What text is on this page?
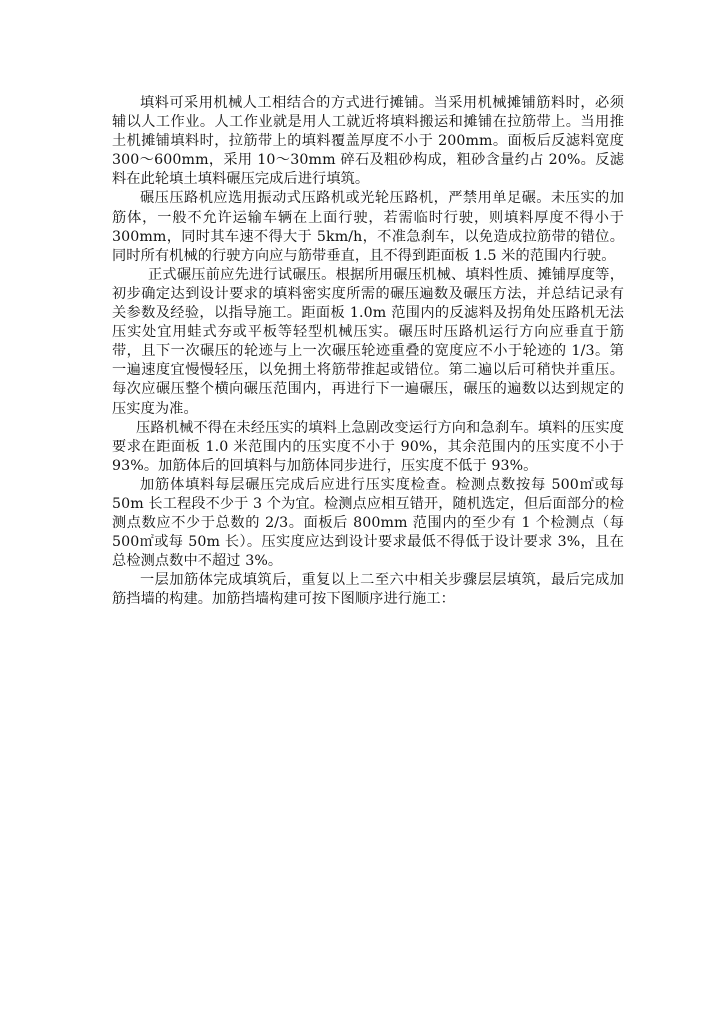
填料可采用机械人工相结合的方式进行摊铺。当采用机械摊铺筋料时，必须辅以人工作业。人工作业就是用人工就近将填料搬运和摊铺在拉筋带上。当用推土机摊铺填料时，拉筋带上的填料覆盖厚度不小于 200mm。面板后反滤料宽度 300～600mm，采用 10～30mm 碎石及粗砂构成，粗砂含量约占 20%。反滤料在此轮填土填料碾压完成后进行填筑。

碾压压路机应选用振动式压路机或光轮压路机，严禁用单足碾。未压实的加筋体，一般不允许运输车辆在上面行驶，若需临时行驶，则填料厚度不得小于 300mm，同时其车速不得大于 5km/h，不准急刹车，以免造成拉筋带的错位。同时所有机械的行驶方向应与筋带垂直，且不得到距面板 1.5 米的范围内行驶。

正式碾压前应先进行试碾压。根据所用碾压机械、填料性质、摊铺厚度等，初步确定达到设计要求的填料密实度所需的碾压遍数及碾压方法，并总结记录有关参数及经验，以指导施工。距面板 1.0m 范围内的反滤料及拐角处压路机无法压实处宜用蛙式夯或平板等轻型机械压实。碾压时压路机运行方向应垂直于筋带，且下一次碾压的轮迹与上一次碾压轮迹重叠的宽度应不小于轮迹的 1/3。第一遍速度宜慢慢轻压，以免拥土将筋带推起或错位。第二遍以后可稍快并重压。每次应碾压整个横向碾压范围内，再进行下一遍碾压，碾压的遍数以达到规定的压实度为准。

压路机械不得在未经压实的填料上急剧改变运行方向和急刹车。填料的压实度要求在距面板 1.0 米范围内的压实度不小于 90%，其余范围内的压实度不小于 93%。加筋体后的回填料与加筋体同步进行，压实度不低于 93%。

加筋体填料每层碾压完成后应进行压实度检查。检测点数按每 500㎡或每 50m 长工程段不少于 3 个为宜。检测点应相互错开，随机选定，但后面部分的检测点数应不少于总数的 2/3。面板后 800mm 范围内的至少有 1 个检测点（每 500㎡或每 50m 长）。压实度应达到设计要求最低不得低于设计要求 3%，且在总检测点数中不超过 3%。

一层加筋体完成填筑后，重复以上二至六中相关步骤层层填筑，最后完成加筋挡墙的构建。加筋挡墙构建可按下图顺序进行施工：
